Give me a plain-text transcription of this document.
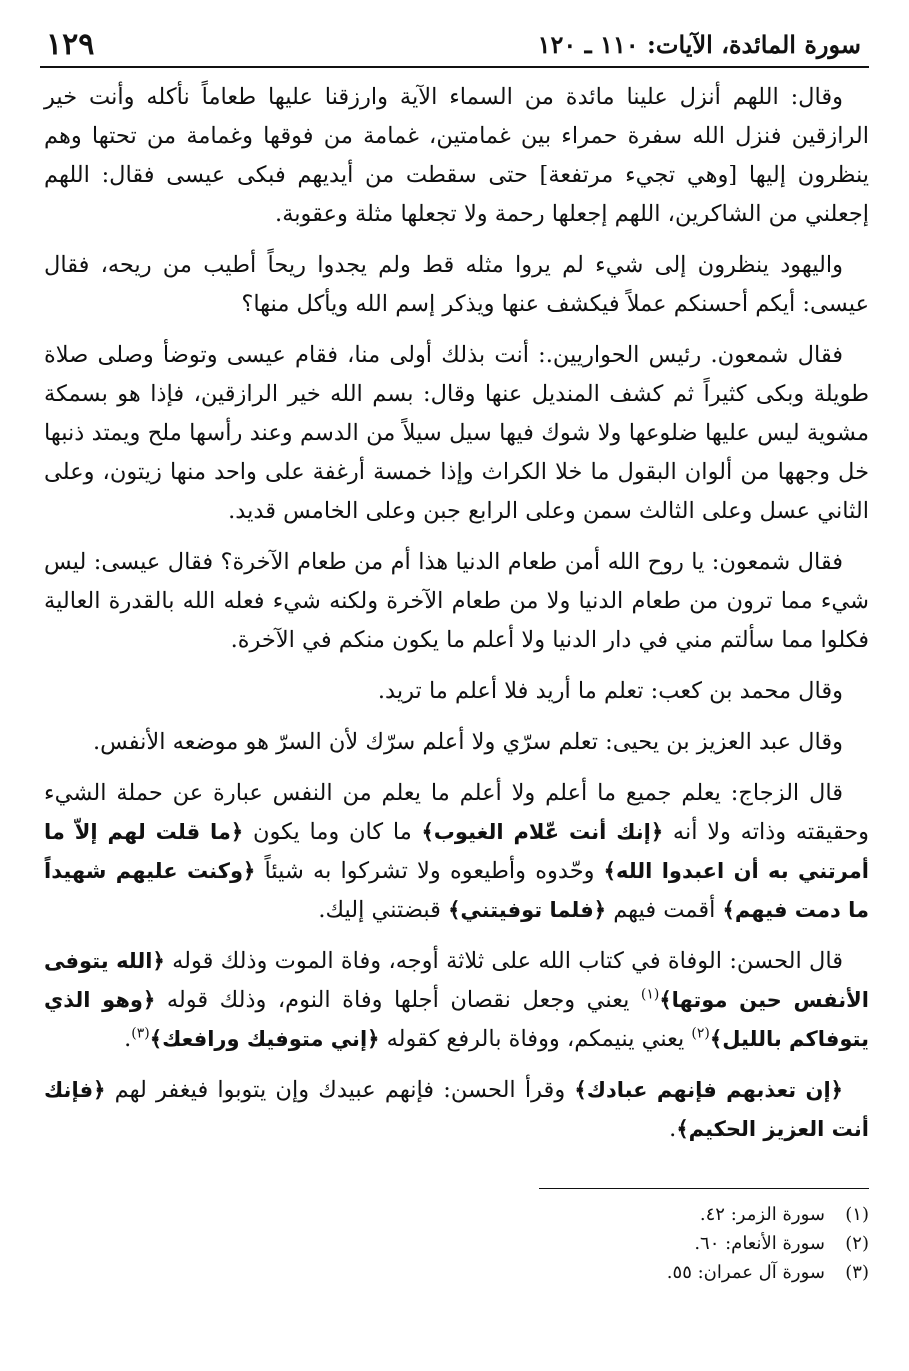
سورة المائدة، الآيات: ١١٠ ـ ١٢٠
١٢٩

وقال: اللهم أنزل علينا مائدة من السماء الآية وارزقنا عليها طعاماً نأكله وأنت خير الرازقين فنزل الله سفرة حمراء بين غمامتين، غمامة من فوقها وغمامة من تحتها وهم ينظرون إليها [وهي تجيء مرتفعة] حتى سقطت من أيديهم فبكى عيسى فقال: اللهم إجعلني من الشاكرين، اللهم إجعلها رحمة ولا تجعلها مثلة وعقوبة.

واليهود ينظرون إلى شيء لم يروا مثله قط ولم يجدوا ريحاً أطيب من ريحه، فقال عيسى: أيكم أحسنكم عملاً فيكشف عنها ويذكر إسم الله ويأكل منها؟

فقال شمعون. رئيس الحواريين.: أنت بذلك أولى منا، فقام عيسى وتوضأ وصلى صلاة طويلة وبكى كثيراً ثم كشف المنديل عنها وقال: بسم الله خير الرازقين، فإذا هو بسمكة مشوية ليس عليها ضلوعها ولا شوك فيها سيل سيلاً من الدسم وعند رأسها ملح ويمتد ذنبها خل وجهها من ألوان البقول ما خلا الكراث وإذا خمسة أرغفة على واحد منها زيتون، وعلى الثاني عسل وعلى الثالث سمن وعلى الرابع جبن وعلى الخامس قديد.

فقال شمعون: يا روح الله أمن طعام الدنيا هذا أم من طعام الآخرة؟ فقال عيسى: ليس شيء مما ترون من طعام الدنيا ولا من طعام الآخرة ولكنه شيء فعله الله بالقدرة العالية فكلوا مما سألتم مني في دار الدنيا ولا أعلم ما يكون منكم في الآخرة.

وقال محمد بن كعب: تعلم ما أريد فلا أعلم ما تريد.

وقال عبد العزيز بن يحيى: تعلم سرّي ولا أعلم سرّك لأن السرّ هو موضعه الأنفس.

قال الزجاج: يعلم جميع ما أعلم ولا أعلم ما يعلم من النفس عبارة عن حملة الشيء وحقيقته وذاته ولا أنه ﴿إنك أنت عّلام الغيوب﴾ ما كان وما يكون ﴿ما قلت لهم إلاّ ما أمرتني به أن اعبدوا الله﴾ وحّدوه وأطيعوه ولا تشركوا به شيئاً ﴿وكنت عليهم شهيداً ما دمت فيهم﴾ أقمت فيهم ﴿فلما توفيتني﴾ قبضتني إليك.

قال الحسن: الوفاة في كتاب الله على ثلاثة أوجه، وفاة الموت وذلك قوله ﴿الله يتوفى الأنفس حين موتها﴾$^{(١)}$ يعني وجعل نقصان أجلها وفاة النوم، وذلك قوله ﴿وهو الذي يتوفاكم بالليل﴾$^{(٢)}$ يعني ينيمكم، ووفاة بالرفع كقوله ﴿إني متوفيك ورافعك﴾$^{(٣)}$.

﴿إن تعذبهم فإنهم عبادك﴾ وقرأ الحسن: فإنهم عبيدك وإن يتوبوا فيغفر لهم ﴿فإنك أنت العزيز الحكيم﴾.

(١)
سورة الزمر: ٤٢.
(٢)
سورة الأنعام: ٦٠.
(٣)
سورة آل عمران: ٥٥.
